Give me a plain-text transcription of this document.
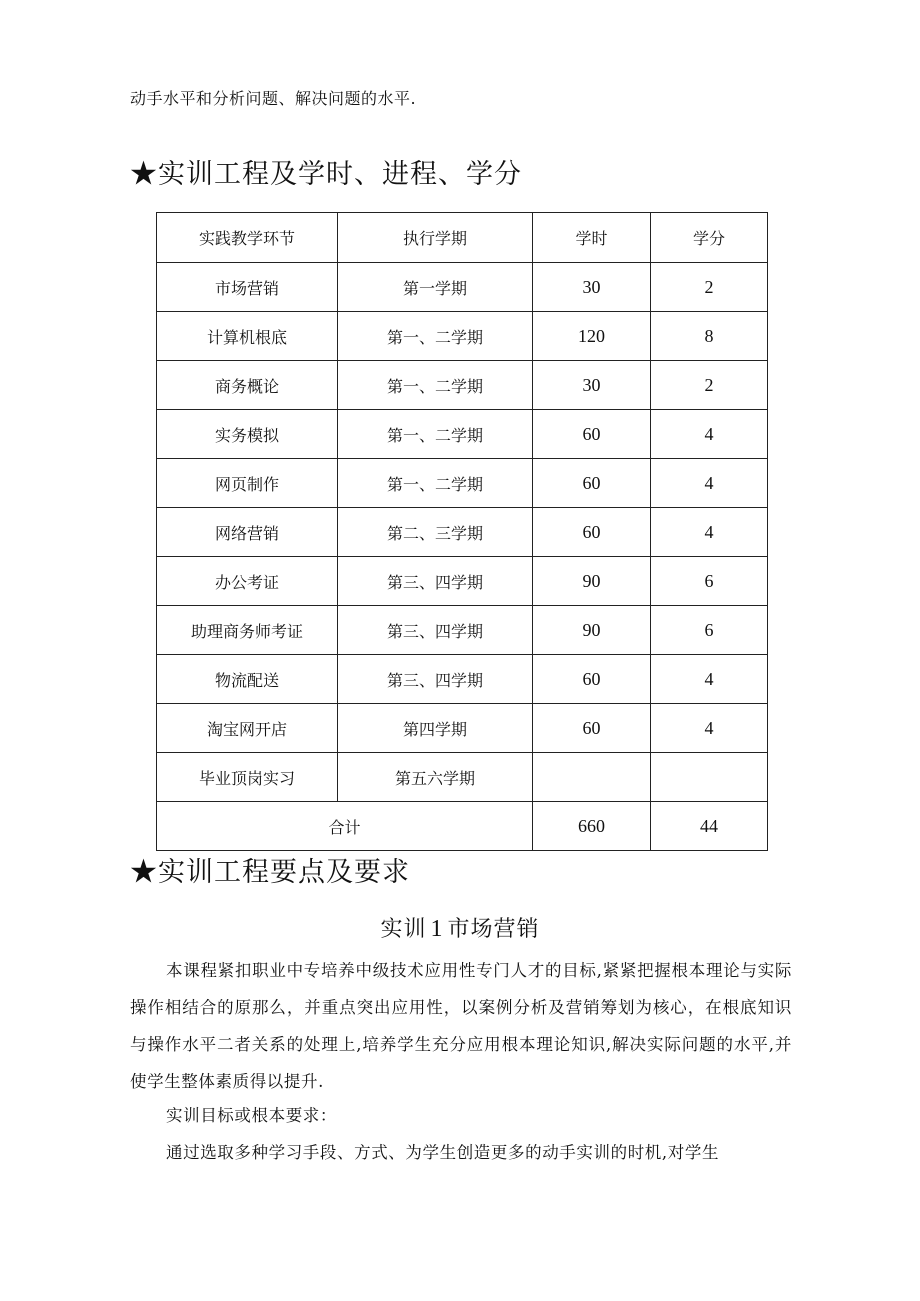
动手水平和分析问题、解决问题的水平.
★实训工程及学时、进程、学分
实践教学环节	执行学期	学时	学分
市场营销	第一学期	30	2
计算机根底	第一、二学期	120	8
商务概论	第一、二学期	30	2
实务模拟	第一、二学期	60	4
网页制作	第一、二学期	60	4
网络营销	第二、三学期	60	4
办公考证	第三、四学期	90	6
助理商务师考证	第三、四学期	90	6
物流配送	第三、四学期	60	4
淘宝网开店	第四学期	60	4
毕业顶岗实习	第五六学期		
合计		660	44
★实训工程要点及要求
实训 1 市场营销
本课程紧扣职业中专培养中级技术应用性专门人才的目标,紧紧把握根本理论与实际操作相结合的原那么，并重点突出应用性，以案例分析及营销筹划为核心，在根底知识与操作水平二者关系的处理上,培养学生充分应用根本理论知识,解决实际问题的水平,并使学生整体素质得以提升.
实训目标或根本要求：
通过选取多种学习手段、方式、为学生创造更多的动手实训的时机,对学生
